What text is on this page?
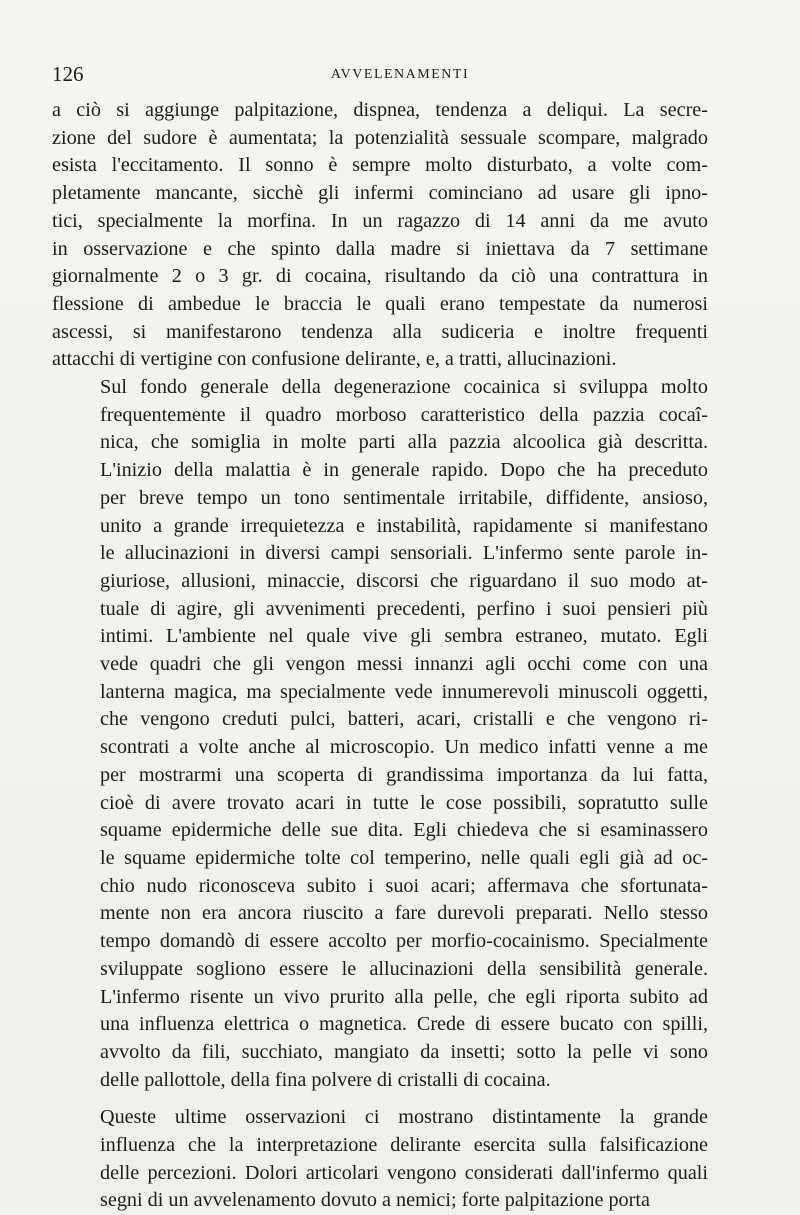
126	AVVELENAMENTI
a ciò si aggiunge palpitazione, dispnea, tendenza a deliqui. La secre-
zione del sudore è aumentata; la potenzialità sessuale scompare, malgrado
esista l'eccitamento. Il sonno è sempre molto disturbato, a volte com-
pletamente mancante, sicchè gli infermi cominciano ad usare gli ipno-
tici, specialmente la morfina. In un ragazzo di 14 anni da me avuto
in osservazione e che spinto dalla madre si iniettava da 7 settimane
giornalmente 2 o 3 gr. di cocaina, risultando da ciò una contrattura in
flessione di ambedue le braccia le quali erano tempestate da numerosi
ascessi, si manifestarono tendenza alla sudiceria e inoltre frequenti
attacchi di vertigine con confusione delirante, e, a tratti, allucinazioni.
Sul fondo generale della degenerazione cocainica si sviluppa molto
frequentemente il quadro morboso caratteristico della pazzia cocaî-
nica, che somiglia in molte parti alla pazzia alcoolica già descritta.
L'inizio della malattia è in generale rapido. Dopo che ha preceduto
per breve tempo un tono sentimentale irritabile, diffidente, ansioso,
unito a grande irrequietezza e instabilità, rapidamente si manifestano
le allucinazioni in diversi campi sensoriali. L'infermo sente parole in-
giuriose, allusioni, minaccie, discorsi che riguardano il suo modo at-
tuale di agire, gli avvenimenti precedenti, perfino i suoi pensieri più
intimi. L'ambiente nel quale vive gli sembra estraneo, mutato. Egli
vede quadri che gli vengon messi innanzi agli occhi come con una
lanterna magica, ma specialmente vede innumerevoli minuscoli oggetti,
che vengono creduti pulci, batteri, acari, cristalli e che vengono ri-
scontrati a volte anche al microscopio. Un medico infatti venne a me
per mostrarmi una scoperta di grandissima importanza da lui fatta,
cioè di avere trovato acari in tutte le cose possibili, sopratutto sulle
squame epidermiche delle sue dita. Egli chiedeva che si esaminassero
le squame epidermiche tolte col temperino, nelle quali egli già ad oc-
chio nudo riconosceva subito i suoi acari; affermava che sfortunata-
mente non era ancora riuscito a fare durevoli preparati. Nello stesso
tempo domandò di essere accolto per morfio-cocainismo. Specialmente
sviluppate sogliono essere le allucinazioni della sensibilità generale.
L'infermo risente un vivo prurito alla pelle, che egli riporta subito ad
una influenza elettrica o magnetica. Crede di essere bucato con spilli,
avvolto da fili, succhiato, mangiato da insetti; sotto la pelle vi sono
delle pallottole, della fina polvere di cristalli di cocaina.
Queste ultime osservazioni ci mostrano distintamente la grande
influenza che la interpretazione delirante esercita sulla falsificazione
delle percezioni. Dolori articolari vengono considerati dall'infermo quali
segni di un avvelenamento dovuto a nemici; forte palpitazione porta
